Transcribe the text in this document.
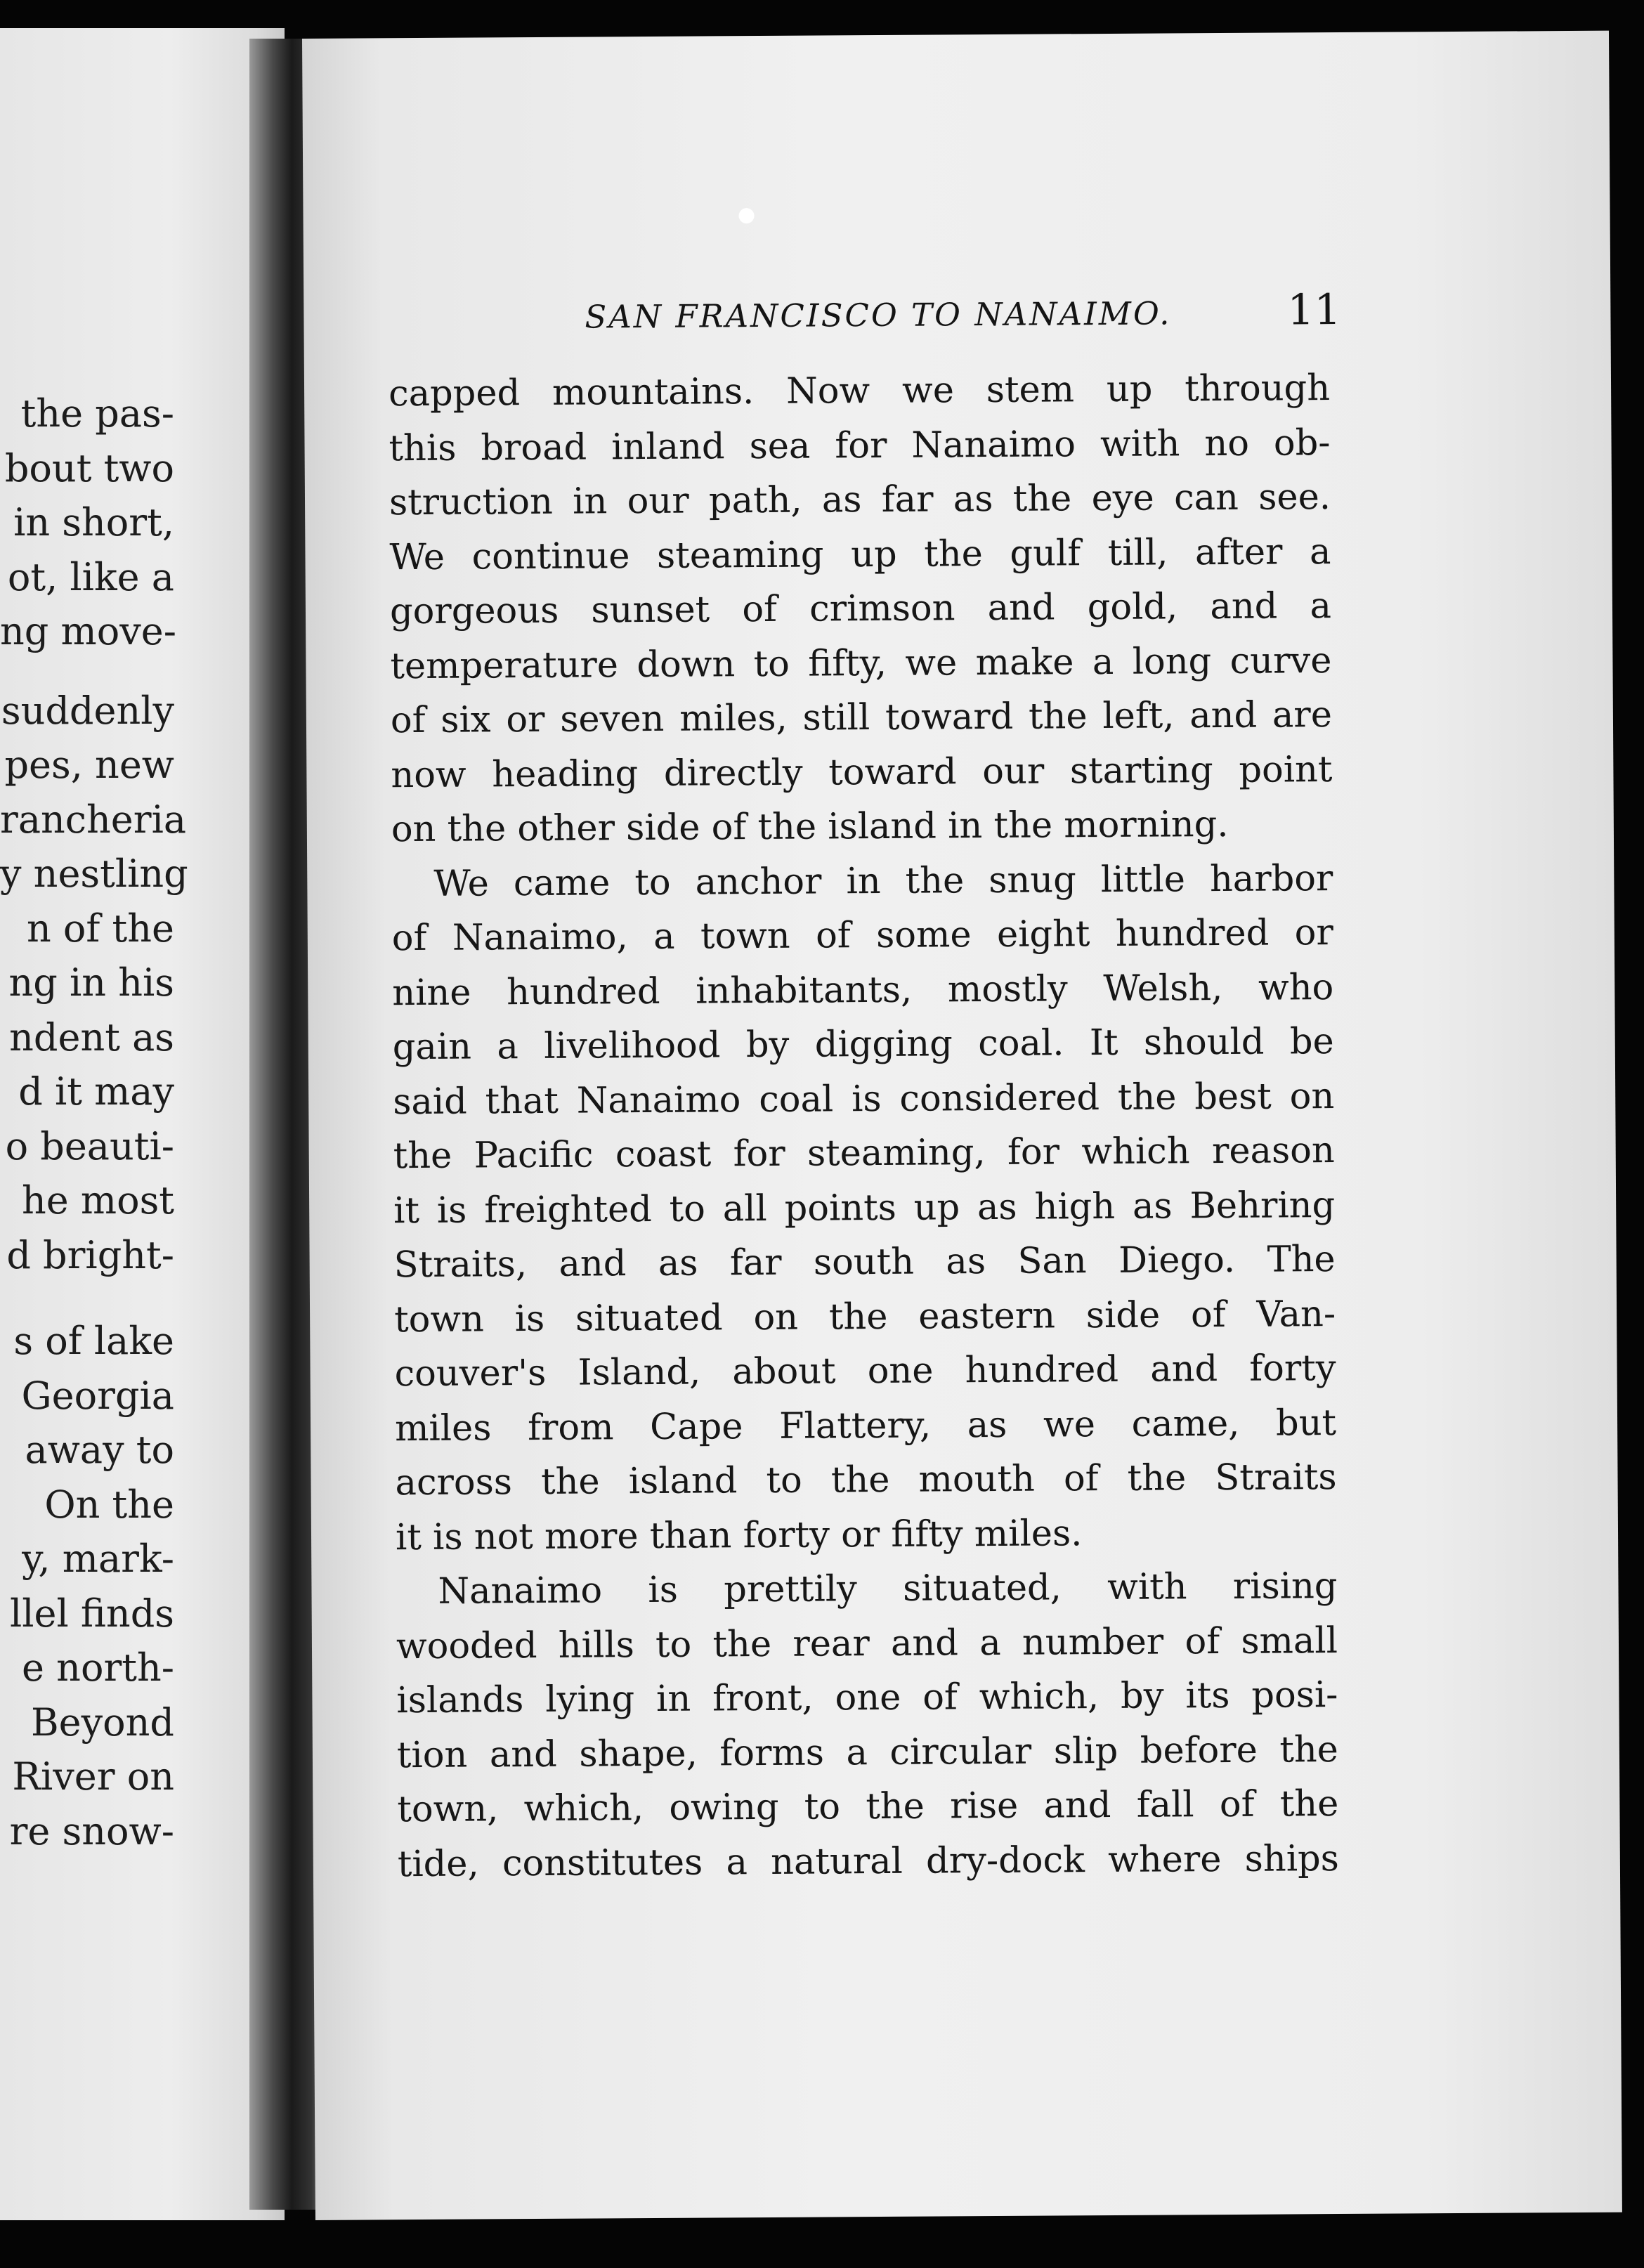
the pas-
bout two
in short,
ot, like a
ng move-
suddenly
pes, new
rancheria
y nestling
n of the
ng in his
ndent as
d it may
o beauti-
he most
d bright-
s of lake
Georgia
away to
On the
y, mark-
llel finds
e north-
Beyond
River on
re snow-
SAN FRANCISCO TO NANAIMO.	11
capped mountains. Now we stem up through
this broad inland sea for Nanaimo with no ob-
struction in our path, as far as the eye can see.
We continue steaming up the gulf till, after a
gorgeous sunset of crimson and gold, and a
temperature down to fifty, we make a long curve
of six or seven miles, still toward the left, and are
now heading directly toward our starting point
on the other side of the island in the morning.
We came to anchor in the snug little harbor
of Nanaimo, a town of some eight hundred or
nine hundred inhabitants, mostly Welsh, who
gain a livelihood by digging coal. It should be
said that Nanaimo coal is considered the best on
the Pacific coast for steaming, for which reason
it is freighted to all points up as high as Behring
Straits, and as far south as San Diego. The
town is situated on the eastern side of Van-
couver's Island, about one hundred and forty
miles from Cape Flattery, as we came, but
across the island to the mouth of the Straits
it is not more than forty or fifty miles.
Nanaimo is prettily situated, with rising
wooded hills to the rear and a number of small
islands lying in front, one of which, by its posi-
tion and shape, forms a circular slip before the
town, which, owing to the rise and fall of the
tide, constitutes a natural dry-dock where ships
